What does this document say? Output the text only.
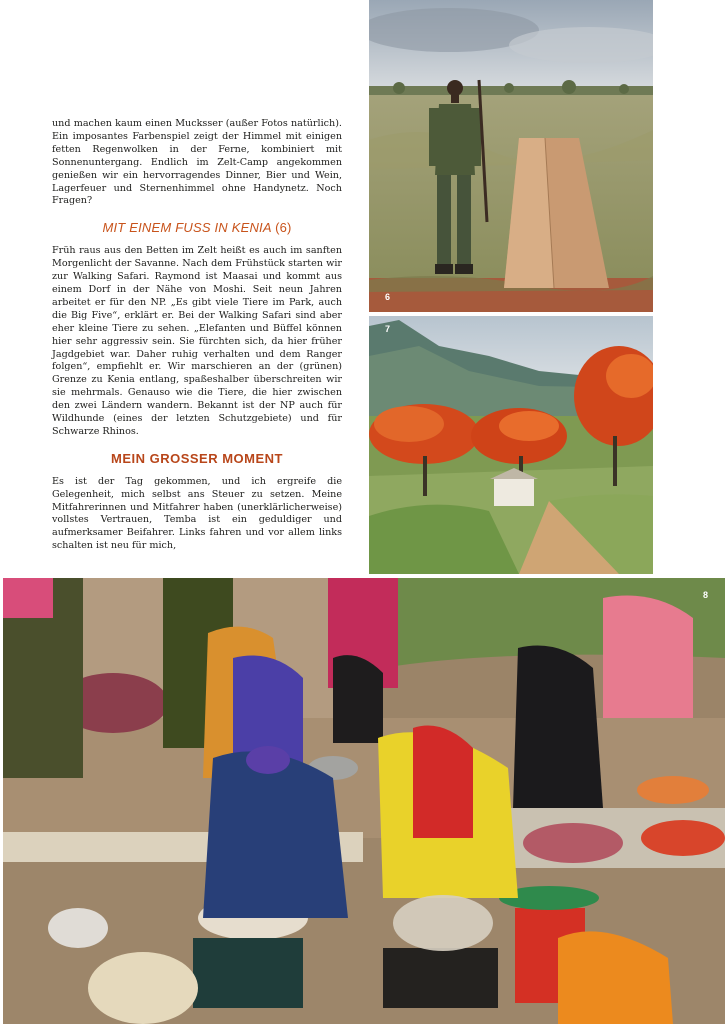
und machen kaum einen Mucksser (außer Fotos natürlich). Ein imposantes Farbenspiel zeigt der Himmel mit einigen fetten Regenwolken in der Ferne, kombiniert mit Sonnenuntergang. Endlich im Zelt-Camp angekommen genießen wir ein hervorragendes Dinner, Bier und Wein, Lagerfeuer und Sternenhimmel ohne Handynetz. Noch Fragen?

MIT EINEM FUSS IN KENIA (6)

Früh raus aus den Betten im Zelt heißt es auch im sanften Morgenlicht der Savanne. Nach dem Frühstück starten wir zur Walking Safari. Raymond ist Maasai und kommt aus einem Dorf in der Nähe von Moshi. Seit neun Jahren arbeitet er für den NP. „Es gibt viele Tiere im Park, auch die Big Five“, erklärt er. Bei der Walking Safari sind aber eher kleine Tiere zu sehen. „Elefanten und Büffel können hier sehr aggressiv sein. Sie fürchten sich, da hier früher Jagdgebiet war. Daher ruhig verhalten und dem Ranger folgen“, empfiehlt er. Wir marschieren an der (grünen) Grenze zu Kenia entlang, spaßeshalber überschreiten wir sie mehrmals. Genauso wie die Tiere, die hier zwischen den zwei Ländern wandern. Bekannt ist der NP auch für Wildhunde (eines der letzten Schutzgebiete) und für Schwarze Rhinos.

MEIN GROSSER MOMENT

Es ist der Tag gekommen, und ich ergreife die Gelegenheit, mich selbst ans Steuer zu setzen. Meine Mitfahrerinnen und Mitfahrer haben (unerklärlicherweise) vollstes Vertrauen, Temba ist ein geduldiger und aufmerksamer Beifahrer. Links fahren und vor allem links schalten ist neu für mich,

6
7
8
